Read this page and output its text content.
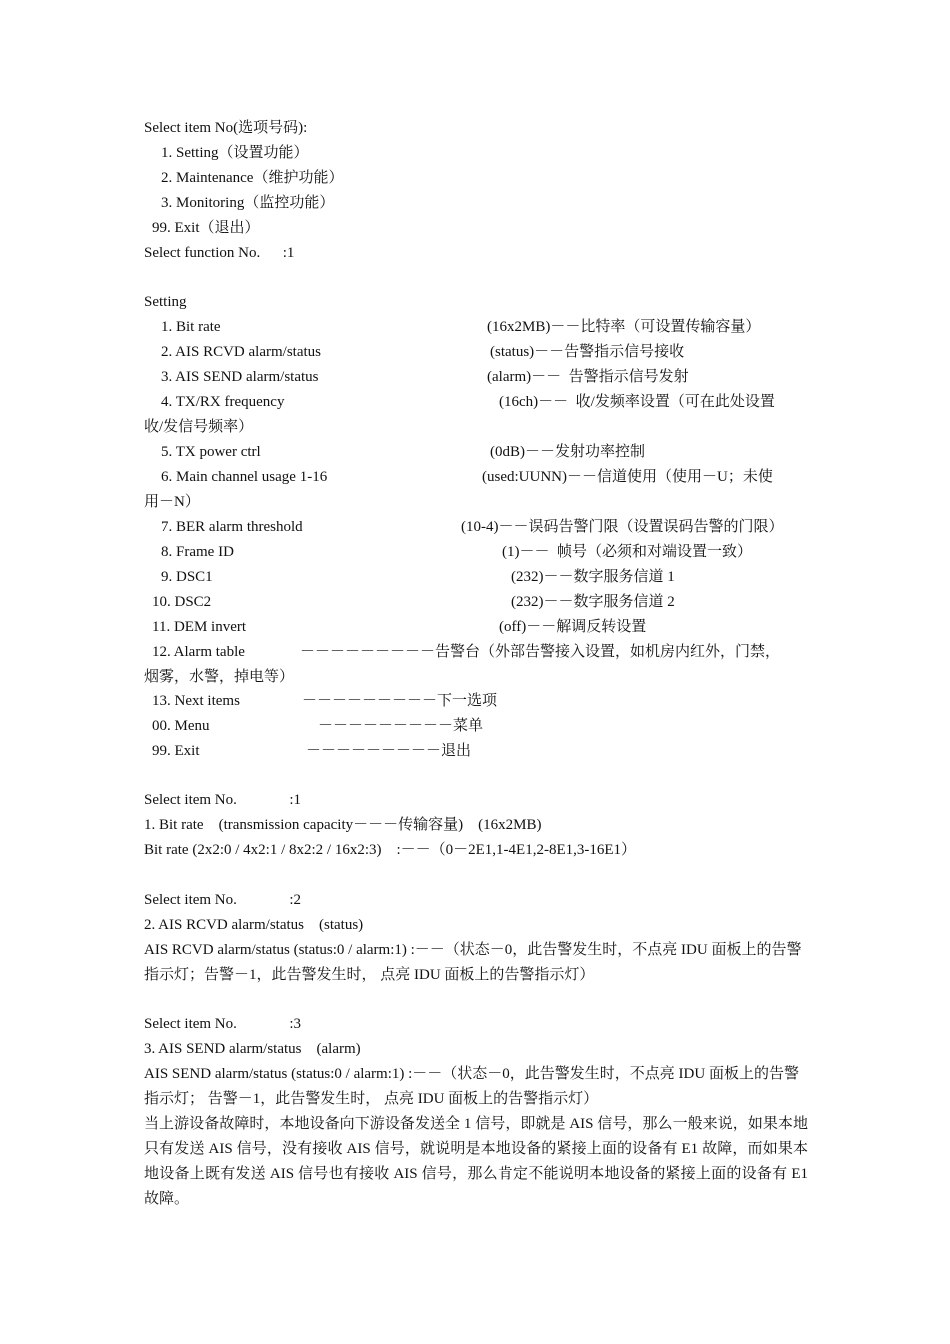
Select item No(选项号码):
1. Setting（设置功能）
2. Maintenance（维护功能）
3. Monitoring（监控功能）
99. Exit（退出）
Select function No.      :1
Setting
1. Bit rate	(16x2MB)－－比特率（可设置传输容量）
2. AIS RCVD alarm/status	(status)－－告警指示信号接收
3. AIS SEND alarm/status	(alarm)－－  告警指示信号发射
4. TX/RX frequency	(16ch)－－  收/发频率设置（可在此处设置
收/发信号频率）
5. TX power ctrl	(0dB)－－发射功率控制
6. Main channel usage 1-16	(used:UUNN)－－信道使用（使用－U；未使
用－N）
7. BER alarm threshold	(10-4)－－误码告警门限（设置误码告警的门限）
8. Frame ID	(1)－－  帧号（必须和对端设置一致）
9. DSC1	(232)－－数字服务信道 1
10. DSC2	(232)－－数字服务信道 2
11. DEM invert	(off)－－解调反转设置
12. Alarm table	－－－－－－－－－告警台（外部告警接入设置，如机房内红外，门禁，
烟雾，水警，掉电等）
13. Next items	－－－－－－－－－下一选项
00. Menu	－－－－－－－－－菜单
99. Exit	－－－－－－－－－退出
Select item No.              :1
1. Bit rate    (transmission capacity－－－传输容量)    (16x2MB)
Bit rate (2x2:0 / 4x2:1 / 8x2:2 / 16x2:3)    :－－（0－2E1,1-4E1,2-8E1,3-16E1）
Select item No.              :2
2. AIS RCVD alarm/status    (status)
AIS RCVD alarm/status (status:0 / alarm:1) :－－（状态－0，此告警发生时，不点亮 IDU 面板上的告警指示灯；告警－1，此告警发生时， 点亮 IDU 面板上的告警指示灯）
Select item No.              :3
3. AIS SEND alarm/status    (alarm)
AIS SEND alarm/status (status:0 / alarm:1) :－－（状态－0，此告警发生时，不点亮 IDU 面板上的告警指示灯； 告警－1，此告警发生时， 点亮 IDU 面板上的告警指示灯）
当上游设备故障时，本地设备向下游设备发送全 1 信号，即就是 AIS 信号，那么一般来说，如果本地只有发送 AIS 信号，没有接收 AIS 信号，就说明是本地设备的紧接上面的设备有 E1 故障，而如果本地设备上既有发送 AIS 信号也有接收 AIS 信号，那么肯定不能说明本地设备的紧接上面的设备有 E1 故障。
